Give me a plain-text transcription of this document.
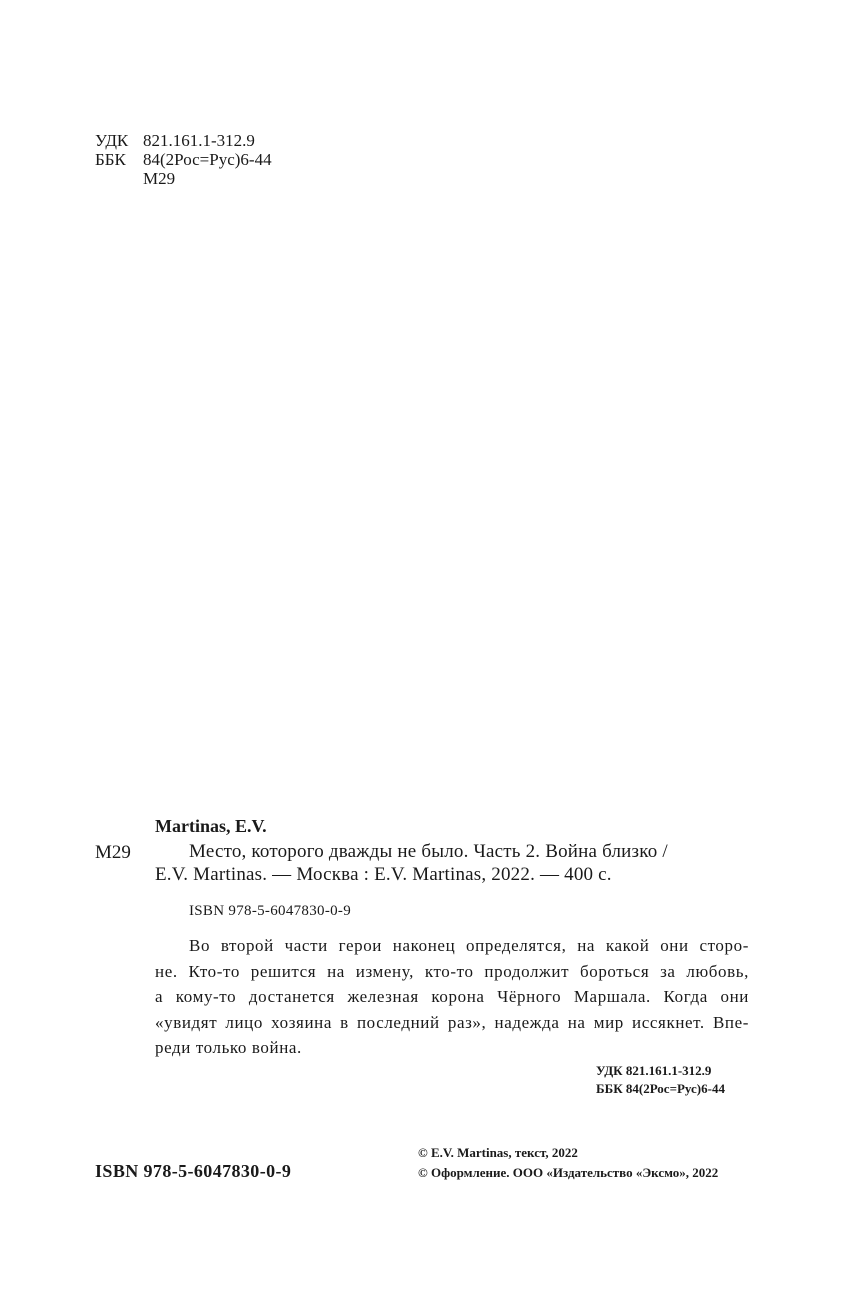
УДК 821.161.1-312.9
ББК 84(2Рос=Рус)6-44
М29
Martinas, E.V.
М29	Место, которого дважды не было. Часть 2. Война близко /
E.V. Martinas. — Москва : E.V. Martinas, 2022. — 400 с.
ISBN 978-5-6047830-0-9
Во второй части герои наконец определятся, на какой они сторо-
не. Кто-то решится на измену, кто-то продолжит бороться за любовь,
а кому-то достанется железная корона Чёрного Маршала. Когда они
«увидят лицо хозяина в последний раз», надежда на мир иссякнет. Впе-
реди только война.
УДК 821.161.1-312.9
ББК 84(2Рос=Рус)6-44
ISBN 978-5-6047830-0-9
© E.V. Martinas, текст, 2022
© Оформление. ООО «Издательство «Эксмо», 2022
